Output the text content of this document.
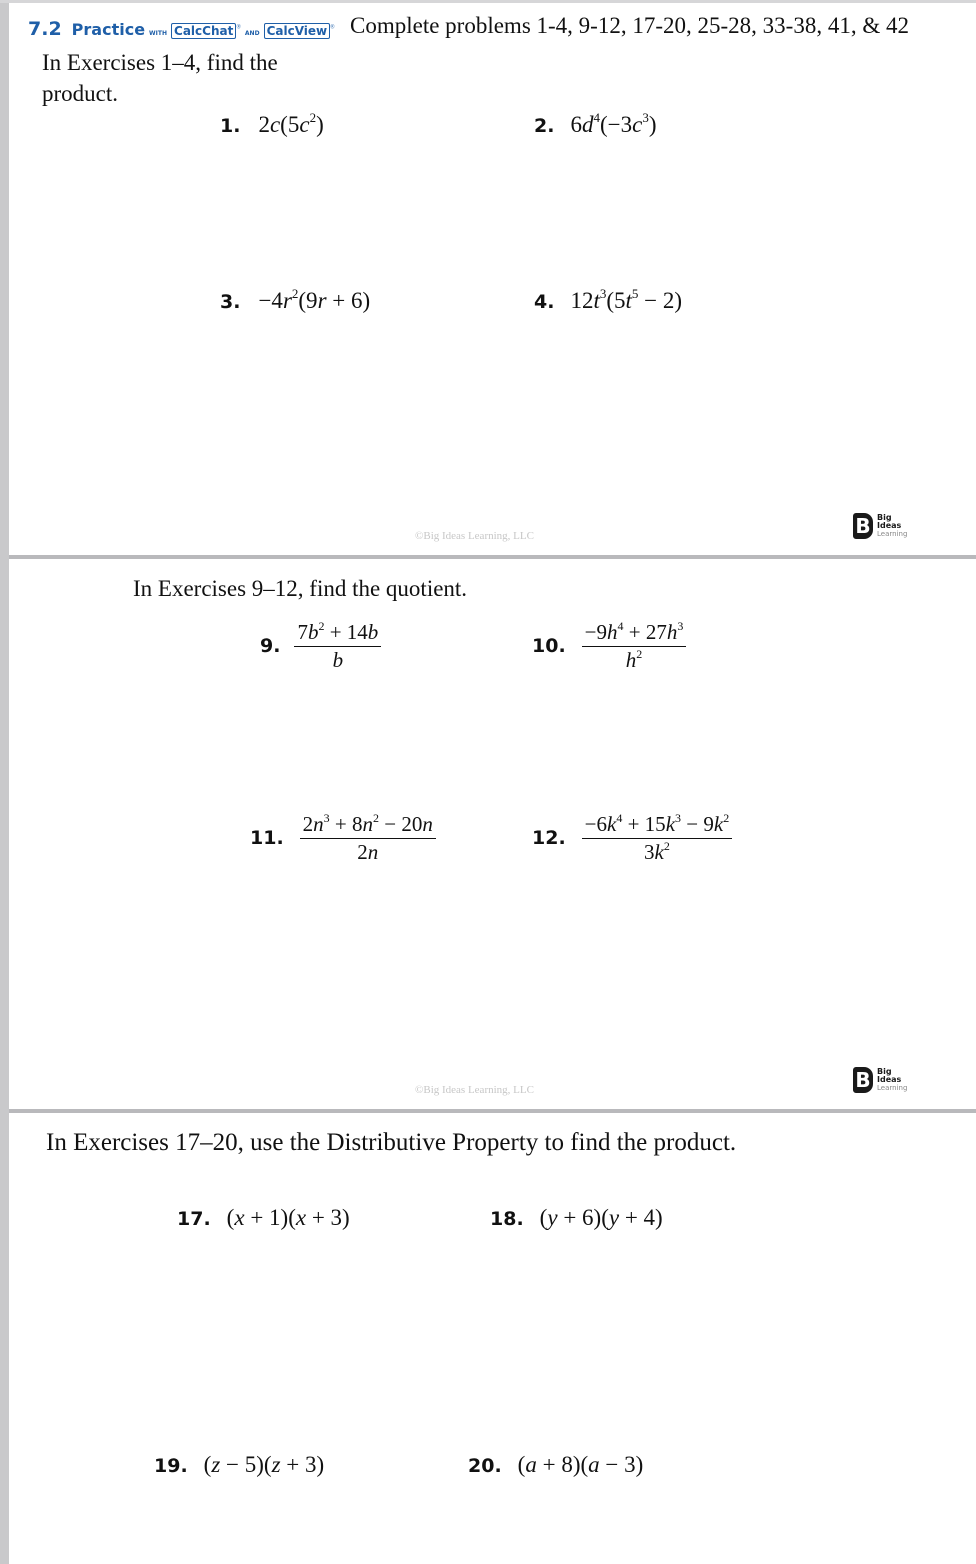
7.2 Practice WITH CalcChat ® AND CalcView ® Complete problems 1-4, 9-12, 17-20, 25-28, 33-38, 41, & 42
In Exercises 1–4, find the
product.
1. $2c(5c^2)$	2. $6d^4(-3c^3)$
3. $-4r^2(9r + 6)$	4. $12t^3(5t^5 - 2)$
©Big Ideas Learning, LLC	B Big
Ideas
Learning
In Exercises 9–12, find the quotient.
9. $\frac{7b^2 + 14b}{b}$	10. $\frac{-9h^4 + 27h^3}{h^2}$
11. $\frac{2n^3 + 8n^2 - 20n}{2n}$	12. $\frac{-6k^4 + 15k^3 - 9k^2}{3k^2}$
©Big Ideas Learning, LLC	B Big
Ideas
Learning
In Exercises 17–20, use the Distributive Property to find the product.
17. (x + 1)(x + 3)	18. (y + 6)(y + 4)
19. (z − 5)(z + 3)	20. (a + 8)(a − 3)
